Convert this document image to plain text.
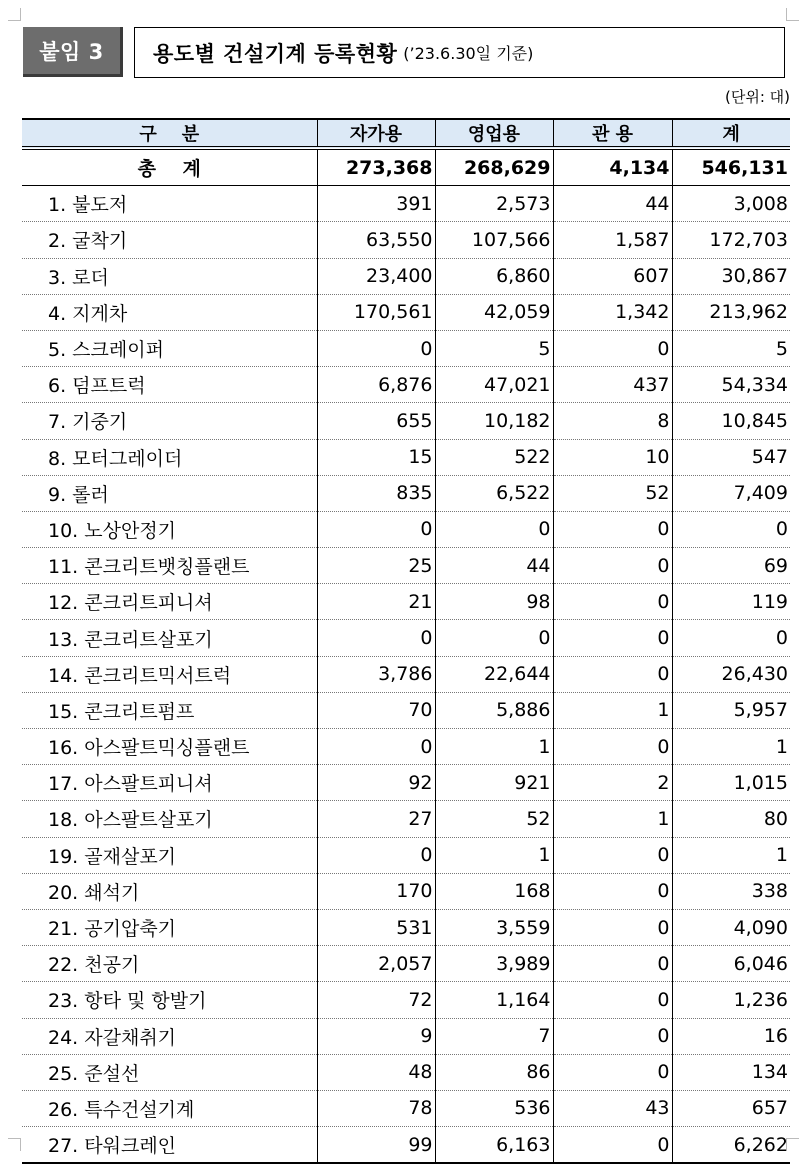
붙임 3	용도별 건설기계 등록현황 (’23.6.30일 기준)
(단위: 대)
구    분	자가용	영업용	관 용	계
총    계	273,368	268,629	4,134	546,131
1. 불도저	391	2,573	44	3,008
2. 굴착기	63,550	107,566	1,587	172,703
3. 로더	23,400	6,860	607	30,867
4. 지게차	170,561	42,059	1,342	213,962
5. 스크레이퍼	0	5	0	5
6. 덤프트럭	6,876	47,021	437	54,334
7. 기중기	655	10,182	8	10,845
8. 모터그레이더	15	522	10	547
9. 롤러	835	6,522	52	7,409
10. 노상안정기	0	0	0	0
11. 콘크리트뱃칭플랜트	25	44	0	69
12. 콘크리트피니셔	21	98	0	119
13. 콘크리트살포기	0	0	0	0
14. 콘크리트믹서트럭	3,786	22,644	0	26,430
15. 콘크리트펌프	70	5,886	1	5,957
16. 아스팔트믹싱플랜트	0	1	0	1
17. 아스팔트피니셔	92	921	2	1,015
18. 아스팔트살포기	27	52	1	80
19. 골재살포기	0	1	0	1
20. 쇄석기	170	168	0	338
21. 공기압축기	531	3,559	0	4,090
22. 천공기	2,057	3,989	0	6,046
23. 항타 및 항발기	72	1,164	0	1,236
24. 자갈채취기	9	7	0	16
25. 준설선	48	86	0	134
26. 특수건설기계	78	536	43	657
27. 타워크레인	99	6,163	0	6,262
